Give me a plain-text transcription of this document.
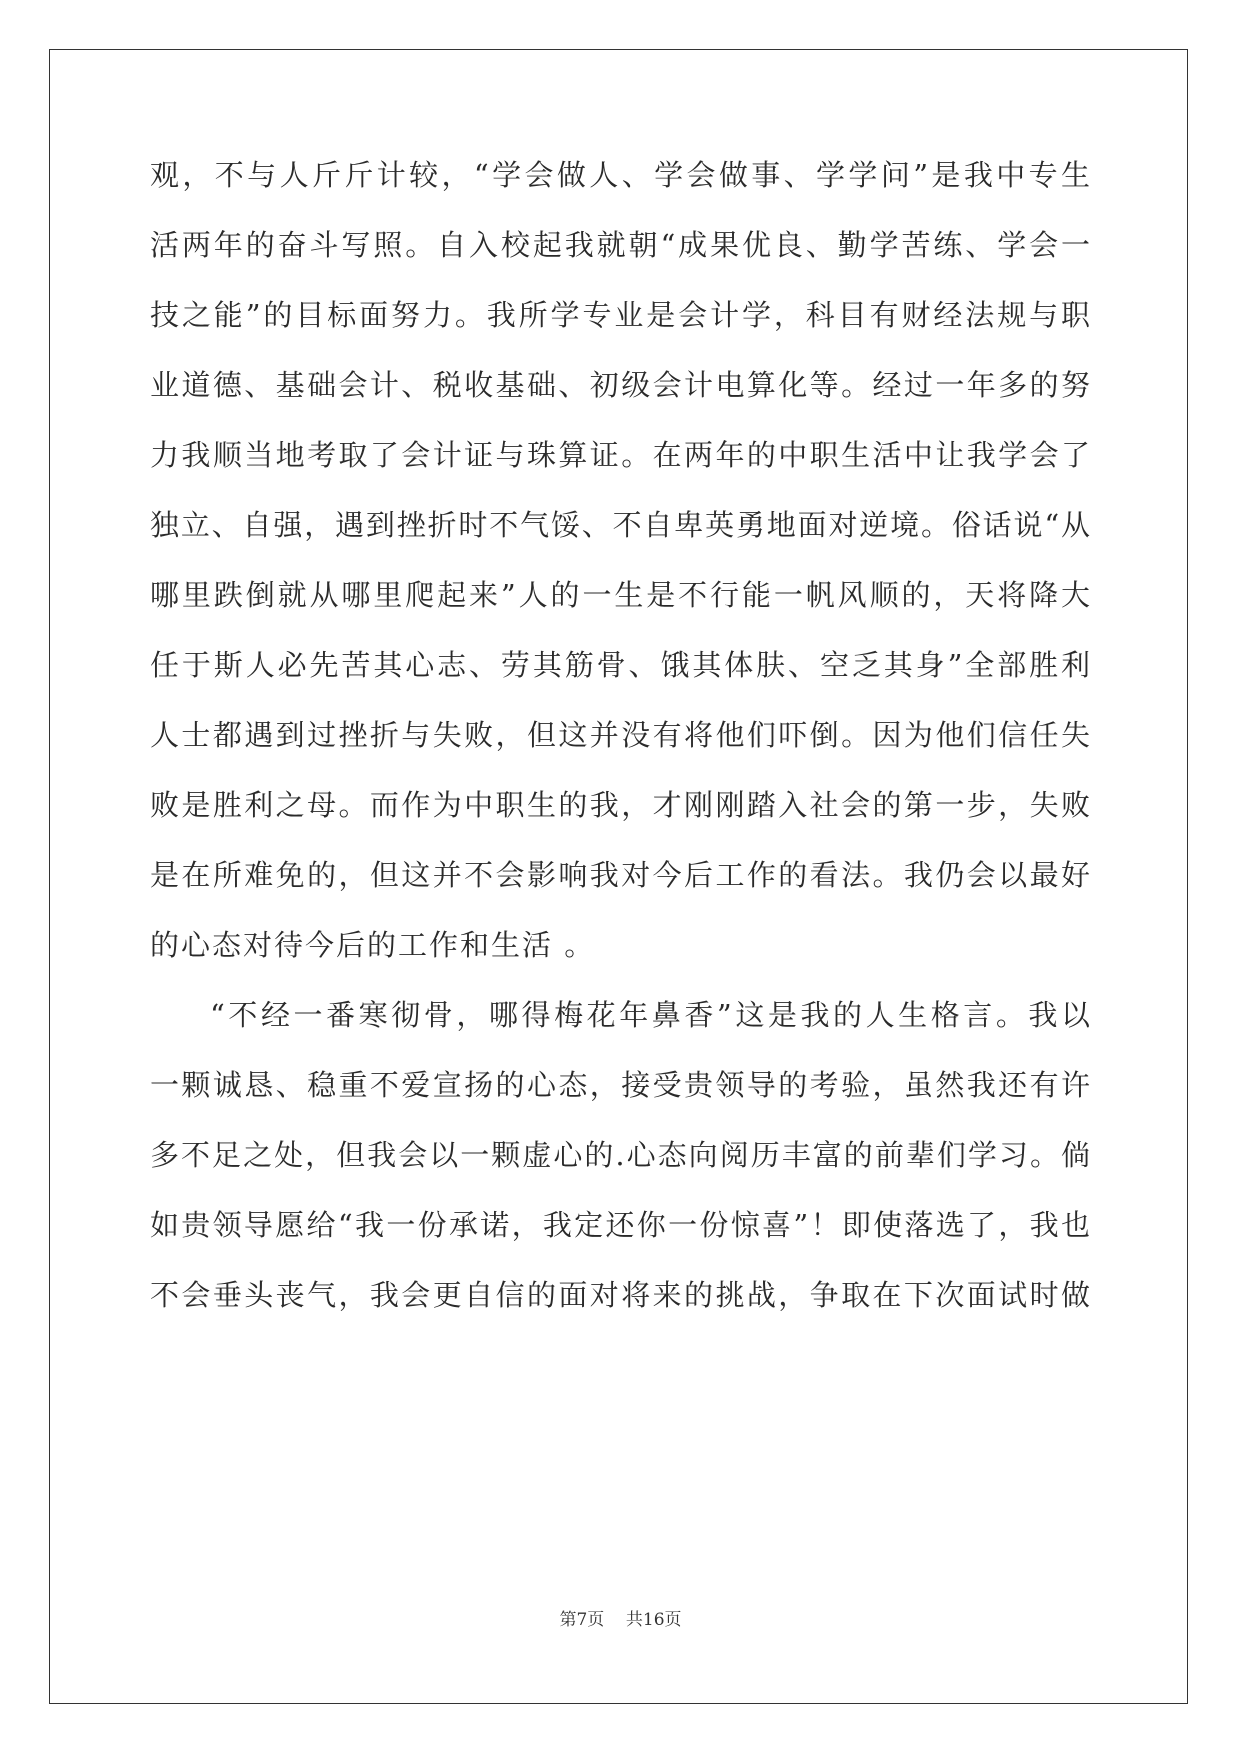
观，不与人斤斤计较，“学会做人、学会做事、学学问”是我中专生
活两年的奋斗写照。自入校起我就朝“成果优良、勤学苦练、学会一
技之能”的目标面努力。我所学专业是会计学，科目有财经法规与职
业道德、基础会计、税收基础、初级会计电算化等。经过一年多的努
力我顺当地考取了会计证与珠算证。在两年的中职生活中让我学会了
独立、自强，遇到挫折时不气馁、不自卑英勇地面对逆境。俗话说“从
哪里跌倒就从哪里爬起来”人的一生是不行能一帆风顺的，天将降大
任于斯人必先苦其心志、劳其筋骨、饿其体肤、空乏其身”全部胜利
人士都遇到过挫折与失败，但这并没有将他们吓倒。因为他们信任失
败是胜利之母。而作为中职生的我，才刚刚踏入社会的第一步，失败
是在所难免的，但这并不会影响我对今后工作的看法。我仍会以最好
的心态对待今后的工作和生活 。
“不经一番寒彻骨，哪得梅花年鼻香”这是我的人生格言。我以
一颗诚恳、稳重不爱宣扬的心态，接受贵领导的考验，虽然我还有许
多不足之处，但我会以一颗虚心的.心态向阅历丰富的前辈们学习。倘
如贵领导愿给“我一份承诺，我定还你一份惊喜”！即使落选了，我也
不会垂头丧气，我会更自信的面对将来的挑战，争取在下次面试时做
第7页 共16页
